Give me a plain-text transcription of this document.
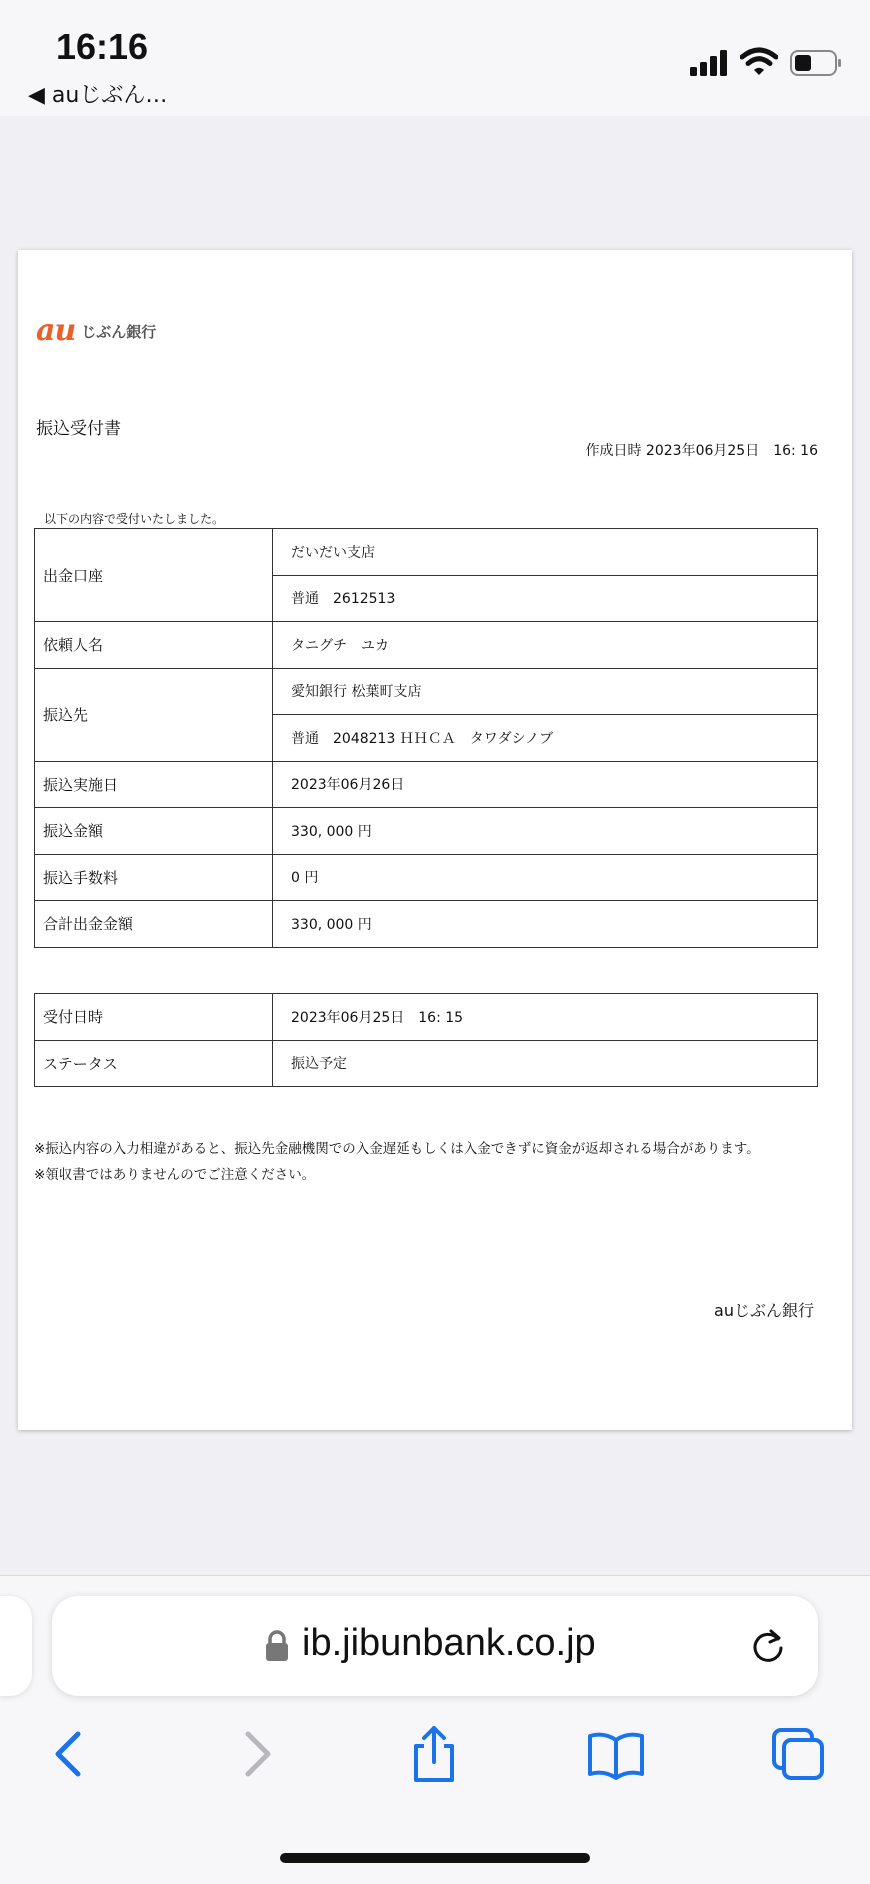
16:16
◀ auじぶん…
au じぶん銀行
振込受付書
作成日時 2023年06月25日　16: 16
以下の内容で受付いたしました。
出金口座	だいだい支店
	普通　2612513
依頼人名	タニグチ　ユカ
振込先	愛知銀行 松葉町支店
	普通　2048213 ＨＨＣＡ　タワダシノブ
振込実施日	2023年06月26日
振込金額	330, 000 円
振込手数料	0 円
合計出金金額	330, 000 円
受付日時	2023年06月25日　16: 15
ステータス	振込予定
※振込内容の入力相違があると、振込先金融機関での入金遅延もしくは入金できずに資金が返却される場合があります。
※領収書ではありませんのでご注意ください。
auじぶん銀行
ib.jibunbank.co.jp
